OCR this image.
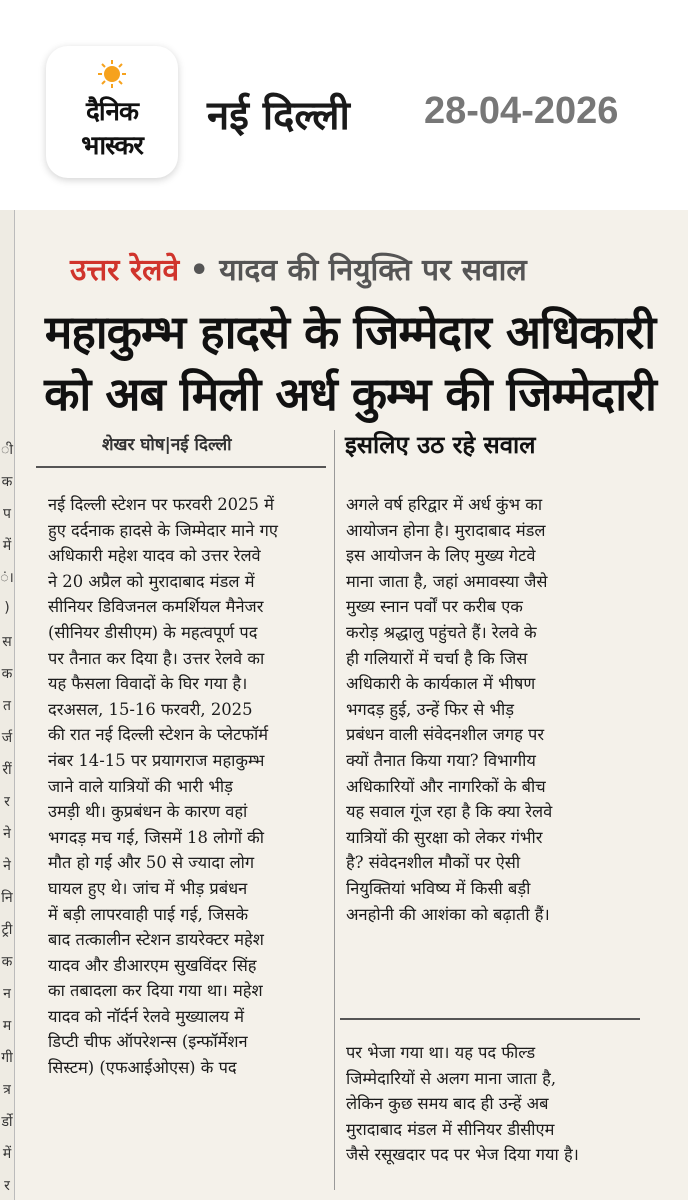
दैनिक
भास्कर
नई दिल्ली 28-04-2026
ी
क
प
में
ं।
)
स
क
त
र्ज
रीं
र
ने
ने
नि
ट्री
क
न
म
गी
त्र
र्डो
में
र
उत्तर रेलवे • यादव की नियुक्ति पर सवाल
महाकुम्भ हादसे के जिम्मेदार अधिकारी
को अब मिली अर्ध कुम्भ की जिम्मेदारी
शेखर घोष|नई दिल्ली	इसलिए उठ रहे सवाल
नई दिल्ली स्टेशन पर फरवरी 2025 में
हुए दर्दनाक हादसे के जिम्मेदार माने गए
अधिकारी महेश यादव को उत्तर रेलवे
ने 20 अप्रैल को मुरादाबाद मंडल में
सीनियर डिविजनल कमर्शियल मैनेजर
(सीनियर डीसीएम) के महत्वपूर्ण पद
पर तैनात कर दिया है। उत्तर रेलवे का
यह फैसला विवादों के घिर गया है।
दरअसल, 15-16 फरवरी, 2025
की रात नई दिल्ली स्टेशन के प्लेटफॉर्म
नंबर 14-15 पर प्रयागराज महाकुम्भ
जाने वाले यात्रियों की भारी भीड़
उमड़ी थी। कुप्रबंधन के कारण वहां
भगदड़ मच गई, जिसमें 18 लोगों की
मौत हो गई और 50 से ज्यादा लोग
घायल हुए थे। जांच में भीड़ प्रबंधन
में बड़ी लापरवाही पाई गई, जिसके
बाद तत्कालीन स्टेशन डायरेक्टर महेश
यादव और डीआरएम सुखविंदर सिंह
का तबादला कर दिया गया था। महेश
यादव को नॉर्दर्न रेलवे मुख्यालय में
डिप्टी चीफ ऑपरेशन्स (इन्फॉर्मेशन
सिस्टम) (एफआईओएस) के पद
अगले वर्ष हरिद्वार में अर्ध कुंभ का
आयोजन होना है। मुरादाबाद मंडल
इस आयोजन के लिए मुख्य गेटवे
माना जाता है, जहां अमावस्या जैसे
मुख्य स्नान पर्वों पर करीब एक
करोड़ श्रद्धालु पहुंचते हैं। रेलवे के
ही गलियारों में चर्चा है कि जिस
अधिकारी के कार्यकाल में भीषण
भगदड़ हुई, उन्हें फिर से भीड़
प्रबंधन वाली संवेदनशील जगह पर
क्यों तैनात किया गया? विभागीय
अधिकारियों और नागरिकों के बीच
यह सवाल गूंज रहा है कि क्या रेलवे
यात्रियों की सुरक्षा को लेकर गंभीर
है? संवेदनशील मौकों पर ऐसी
नियुक्तियां भविष्य में किसी बड़ी
अनहोनी की आशंका को बढ़ाती हैं।
पर भेजा गया था। यह पद फील्ड
जिम्मेदारियों से अलग माना जाता है,
लेकिन कुछ समय बाद ही उन्हें अब
मुरादाबाद मंडल में सीनियर डीसीएम
जैसे रसूखदार पद पर भेज दिया गया है।
